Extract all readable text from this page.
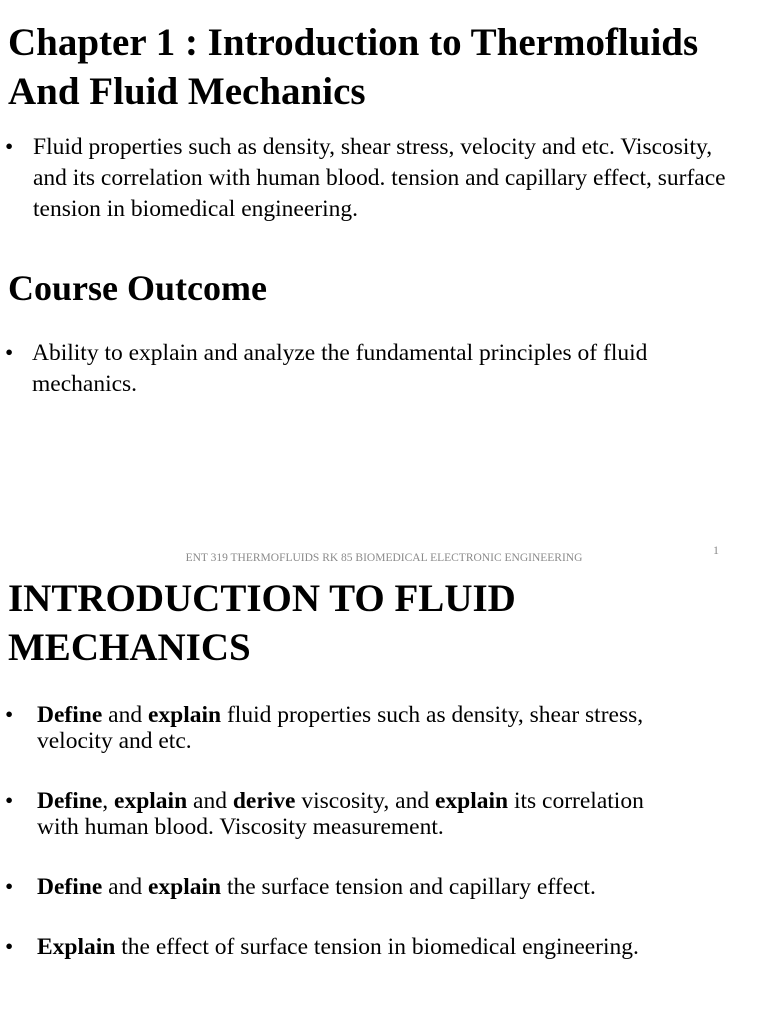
Chapter 1 : Introduction to Thermofluids And Fluid Mechanics
• Fluid properties such as density, shear stress, velocity and etc. Viscosity, and its correlation with human blood. tension and capillary effect, surface tension in biomedical engineering.
Course Outcome
• Ability to explain and analyze the fundamental principles of fluid mechanics.
ENT 319 THERMOFLUIDS RK 85 BIOMEDICAL ELECTRONIC ENGINEERING
1
INTRODUCTION TO FLUID MECHANICS
• Define and explain fluid properties such as density, shear stress, velocity and etc.
• Define, explain and derive viscosity, and explain its correlation with human blood. Viscosity measurement.
• Define and explain the surface tension and capillary effect.
• Explain the effect of surface tension in biomedical engineering.
